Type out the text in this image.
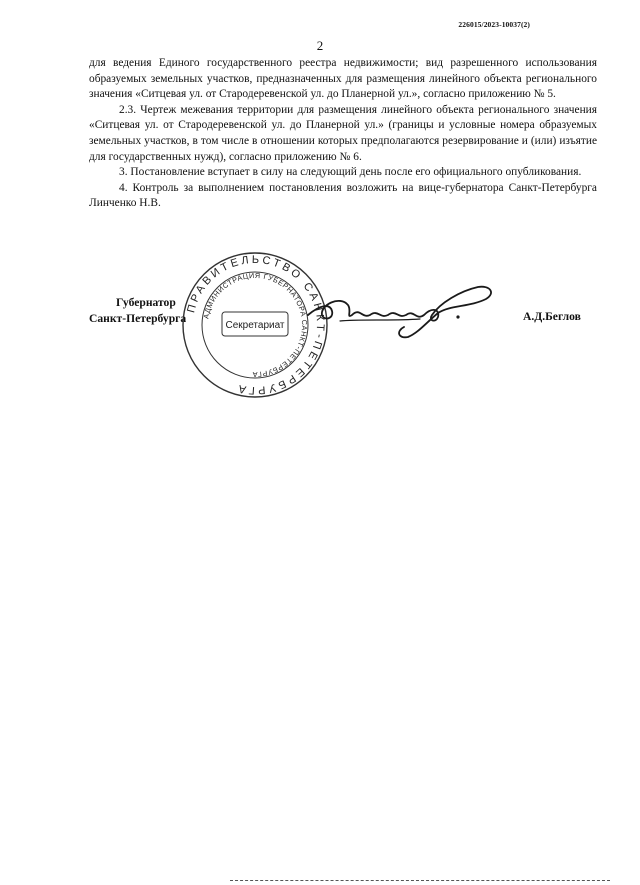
226015/2023-10037(2)
2

для ведения Единого государственного реестра недвижимости; вид разрешенного использования образуемых земельных участков, предназначенных для размещения линейного объекта регионального значения «Ситцевая ул. от Стародеревенской ул. до Планерной ул.», согласно приложению № 5.

2.3. Чертеж межевания территории для размещения линейного объекта регионального значения «Ситцевая ул. от Стародеревенской ул. до Планерной ул.» (границы и условные номера образуемых земельных участков, в том числе в отношении которых предполагаются резервирование и (или) изъятие для государственных нужд), согласно приложению № 6.

3. Постановление вступает в силу на следующий день после его официального опубликования.

4. Контроль за выполнением постановления возложить на вице-губернатора Санкт-Петербурга Линченко Н.В.

Губернатор
Санкт-Петербурга
ПРАВИТЕЛЬСТВО САНКТ-ПЕТЕРБУРГА
АДМИНИСТРАЦИЯ ГУБЕРНАТОРА САНКТ-ПЕТЕРБУРГА
Секретариат
А.Д.Беглов
